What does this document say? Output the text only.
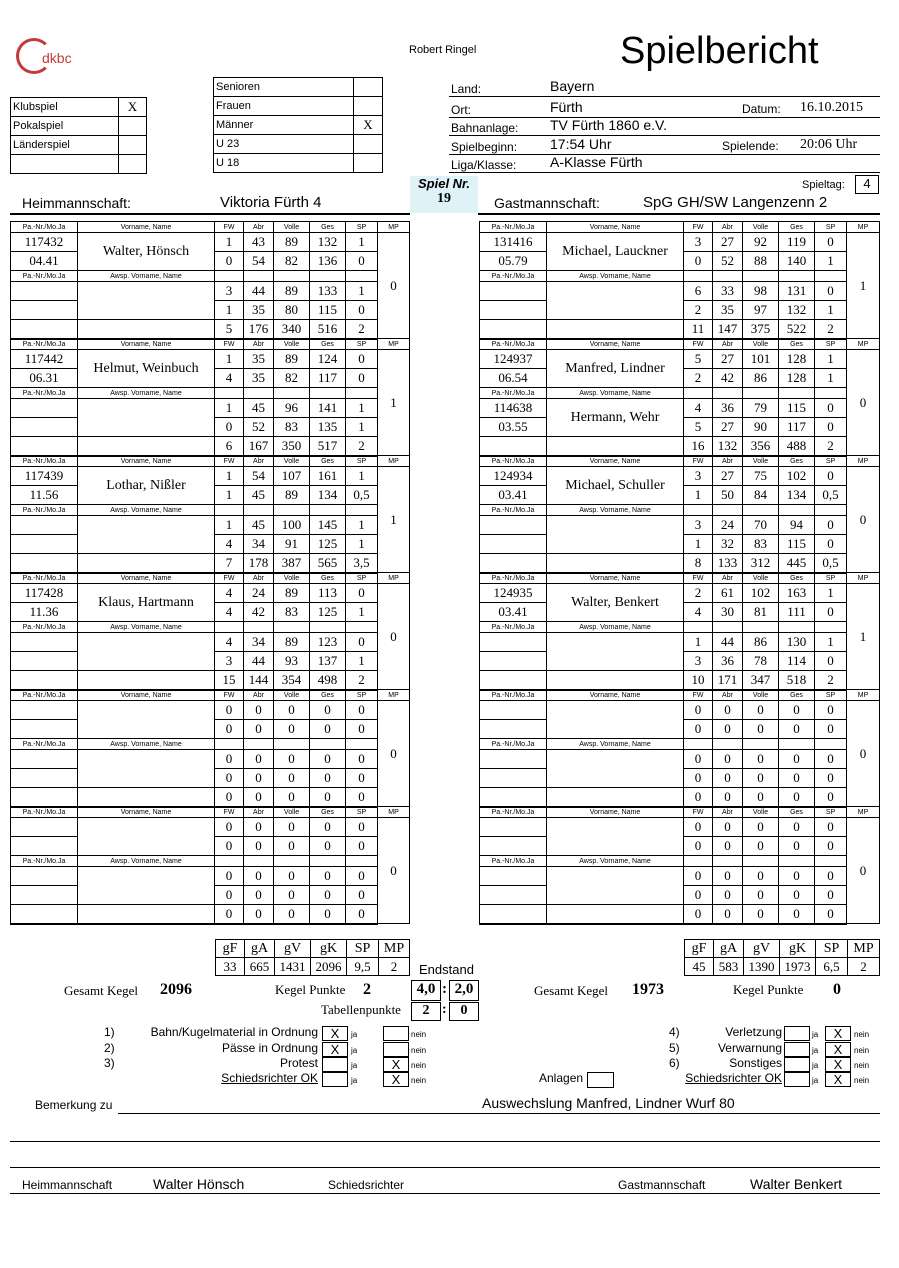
dkbc	Robert Ringel	Spielbericht
Klubspiel	X
Pokalspiel	
Länderspiel	

Senioren	
Frauen	
Männer	X
U 23	
U 18	
Land:	Bayern
Ort:	Fürth	Datum: 16.10.2015
Bahnanlage: TV Fürth 1860 e.V.
Spielbeginn: 17:54 Uhr	Spielende: 20:06 Uhr
Liga/Klasse: A-Klasse Fürth
Heimmannschaft:	Viktoria Fürth 4
Spiel Nr.
19	Gastmannschaft:	SpG GH/SW Langenzenn 2
Spieltag:	4
Pa.-Nr./Mo.Ja	Vorname, Name	FW	Abr	Volle	Ges	SP	MP
117432	Walter, Hönsch	1	43	89	132	1	0
04.41		0	54	82	136	0	
Pa.-Nr./Mo.Ja	Awsp. Vorname, Name						
		3	44	89	133	1	
		1	35	80	115	0	
		5	176	340	516	2	
Pa.-Nr./Mo.Ja	Vorname, Name	FW	Abr	Volle	Ges	SP	MP
117442	Helmut, Weinbuch	1	35	89	124	0	1
06.31		4	35	82	117	0	
Pa.-Nr./Mo.Ja	Awsp. Vorname, Name						
		1	45	96	141	1	
		0	52	83	135	1	
		6	167	350	517	2	
Pa.-Nr./Mo.Ja	Vorname, Name	FW	Abr	Volle	Ges	SP	MP
117439	Lothar, Nißler	1	54	107	161	1	1
11.56		1	45	89	134	0,5	
Pa.-Nr./Mo.Ja	Awsp. Vorname, Name						
		1	45	100	145	1	
		4	34	91	125	1	
		7	178	387	565	3,5	
Pa.-Nr./Mo.Ja	Vorname, Name	FW	Abr	Volle	Ges	SP	MP
117428	Klaus, Hartmann	4	24	89	113	0	0
11.36		4	42	83	125	1	
Pa.-Nr./Mo.Ja	Awsp. Vorname, Name						
		4	34	89	123	0	
		3	44	93	137	1	
		15	144	354	498	2	
Pa.-Nr./Mo.Ja	Vorname, Name	FW	Abr	Volle	Ges	SP	MP
		0	0	0	0	0	0
		0	0	0	0	0	
Pa.-Nr./Mo.Ja	Awsp. Vorname, Name						
		0	0	0	0	0	
		0	0	0	0	0	
		0	0	0	0	0	
Pa.-Nr./Mo.Ja	Vorname, Name	FW	Abr	Volle	Ges	SP	MP
		0	0	0	0	0	0
		0	0	0	0	0	
Pa.-Nr./Mo.Ja	Awsp. Vorname, Name						
		0	0	0	0	0	
		0	0	0	0	0	
		0	0	0	0	0	
Pa.-Nr./Mo.Ja	Vorname, Name	FW	Abr	Volle	Ges	SP	MP
131416	Michael, Lauckner	3	27	92	119	0	1
05.79		0	52	88	140	1	
Pa.-Nr./Mo.Ja	Awsp. Vorname, Name						
		6	33	98	131	0	
		2	35	97	132	1	
		11	147	375	522	2	
Pa.-Nr./Mo.Ja	Vorname, Name	FW	Abr	Volle	Ges	SP	MP
124937	Manfred, Lindner	5	27	101	128	1	0
06.54		2	42	86	128	1	
Pa.-Nr./Mo.Ja	Awsp. Vorname, Name						
114638	Hermann, Wehr	4	36	79	115	0	
03.55		5	27	90	117	0	
		16	132	356	488	2	
Pa.-Nr./Mo.Ja	Vorname, Name	FW	Abr	Volle	Ges	SP	MP
124934	Michael, Schuller	3	27	75	102	0	0
03.41		1	50	84	134	0,5	
Pa.-Nr./Mo.Ja	Awsp. Vorname, Name						
		3	24	70	94	0	
		1	32	83	115	0	
		8	133	312	445	0,5	
Pa.-Nr./Mo.Ja	Vorname, Name	FW	Abr	Volle	Ges	SP	MP
124935	Walter, Benkert	2	61	102	163	1	1
03.41		4	30	81	111	0	
Pa.-Nr./Mo.Ja	Awsp. Vorname, Name						
		1	44	86	130	1	
		3	36	78	114	0	
		10	171	347	518	2	
Pa.-Nr./Mo.Ja	Vorname, Name	FW	Abr	Volle	Ges	SP	MP
		0	0	0	0	0	0
		0	0	0	0	0	
Pa.-Nr./Mo.Ja	Awsp. Vorname, Name						
		0	0	0	0	0	
		0	0	0	0	0	
		0	0	0	0	0	
Pa.-Nr./Mo.Ja	Vorname, Name	FW	Abr	Volle	Ges	SP	MP
		0	0	0	0	0	0
		0	0	0	0	0	
Pa.-Nr./Mo.Ja	Awsp. Vorname, Name						
		0	0	0	0	0	
		0	0	0	0	0	
		0	0	0	0	0	
gF	gA	gV	gK	SP	MP
33	665	1431	2096	9,5	2
gF	gA	gV	gK	SP	MP
45	583	1390	1973	6,5	2
Endstand
Gesamt Kegel 2096	Kegel Punkte 2	4,0 : 2,0
Tabellenpunkte	2 : 0
Gesamt Kegel 1973	Kegel Punkte 0
1)	Bahn/Kugelmaterial in Ordnung X	ja	nein
2)	Pässe in Ordnung X	ja	nein
3)	Protest	ja	X	nein
Schiedsrichter OK	ja	X	nein
4)	Verletzung	ja	X	nein
5)	Verwarnung	ja	X	nein
6)	Sonstiges	ja	X	nein
Schiedsrichter OK	ja	X	nein
Anlagen
Bemerkung zu	Auswechslung Manfred, Lindner Wurf 80
Heimmannschaft	Walter Hönsch	Schiedsrichter	Gastmannschaft	Walter Benkert
